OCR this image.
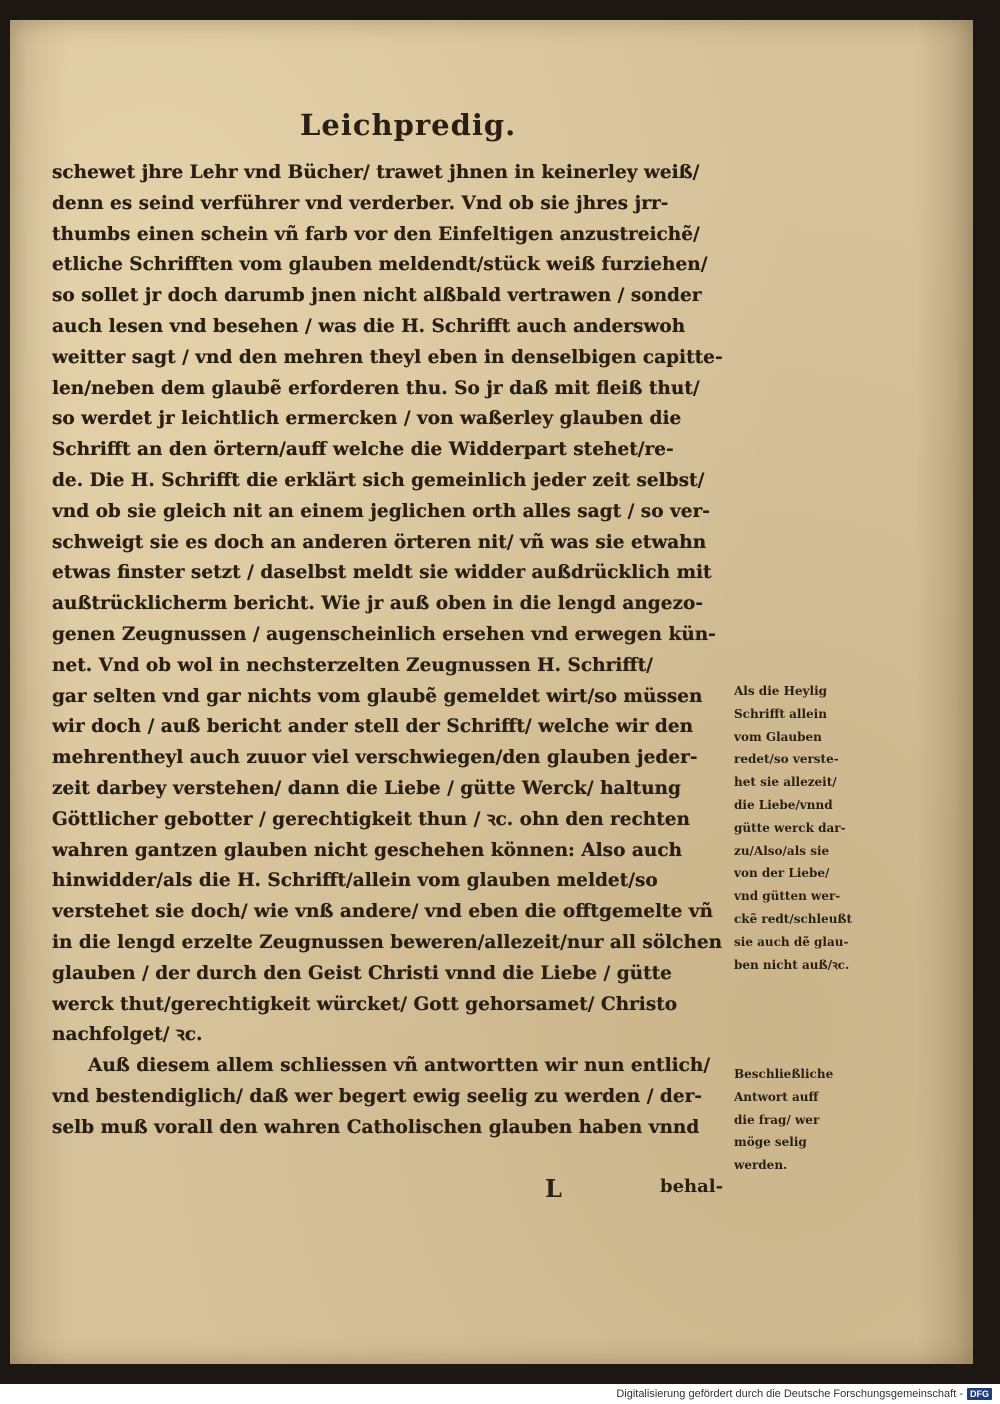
Leichpredig.
schewet jhre Lehr vnd Bücher/ trawet jhnen in keinerley weiß/
denn es seind verführer vnd verderber. Vnd ob sie jhres jrr-
thumbs einen schein vñ farb vor den Einfeltigen anzustreichẽ/
etliche Schrifften vom glauben meldendt/stück weiß furziehen/
so sollet jr doch darumb jnen nicht alßbald vertrawen / sonder
auch lesen vnd besehen / was die H. Schrifft auch anderswoh
weitter sagt / vnd den mehren theyl eben in denselbigen capitte-
len/neben dem glaubẽ erforderen thu. So jr daß mit fleiß thut/
so werdet jr leichtlich ermercken / von waßerley glauben die
Schrifft an den örtern/auff welche die Widderpart stehet/re-
de. Die H. Schrifft die erklärt sich gemeinlich jeder zeit selbst/
vnd ob sie gleich nit an einem jeglichen orth alles sagt / so ver-
schweigt sie es doch an anderen örteren nit/ vñ was sie etwahn
etwas finster setzt / daselbst meldt sie widder außdrücklich mit
außtrücklicherm bericht. Wie jr auß oben in die lengd angezo-
genen Zeugnussen / augenscheinlich ersehen vnd erwegen kün-
net. Vnd ob wol in nechsterzelten Zeugnussen H. Schrifft/
gar selten vnd gar nichts vom glaubẽ gemeldet wirt/so müssen
wir doch / auß bericht ander stell der Schrifft/ welche wir den
mehrentheyl auch zuuor viel verschwiegen/den glauben jeder-
zeit darbey verstehen/ dann die Liebe / gütte Werck/ haltung
Göttlicher gebotter / gerechtigkeit thun / ꝛc. ohn den rechten
wahren gantzen glauben nicht geschehen können: Also auch
hinwidder/als die H. Schrifft/allein vom glauben meldet/so
verstehet sie doch/ wie vnß andere/ vnd eben die offtgemelte vñ
in die lengd erzelte Zeugnussen beweren/allezeit/nur all sölchen
glauben / der durch den Geist Christi vnnd die Liebe / gütte
werck thut/gerechtigkeit würcket/ Gott gehorsamet/ Christo
nachfolget/ ꝛc.
Auß diesem allem schliessen vñ antwortten wir nun entlich/
vnd bestendiglich/ daß wer begert ewig seelig zu werden / der-
selb muß vorall den wahren Catholischen glauben haben vnnd
Als die Heylig
Schrifft allein
vom Glauben
redet/so verste-
het sie allezeit/
die Liebe/vnnd
gütte werck dar-
zu/Also/als sie
von der Liebe/
vnd gütten wer-
ckẽ redt/schleußt
sie auch dẽ glau-
ben nicht auß/ꝛc.
Beschließliche
Antwort auff
die frag/ wer
möge selig
werden.
L	behal-
Digitalisierung gefördert durch die Deutsche Forschungsgemeinschaft - DFG
